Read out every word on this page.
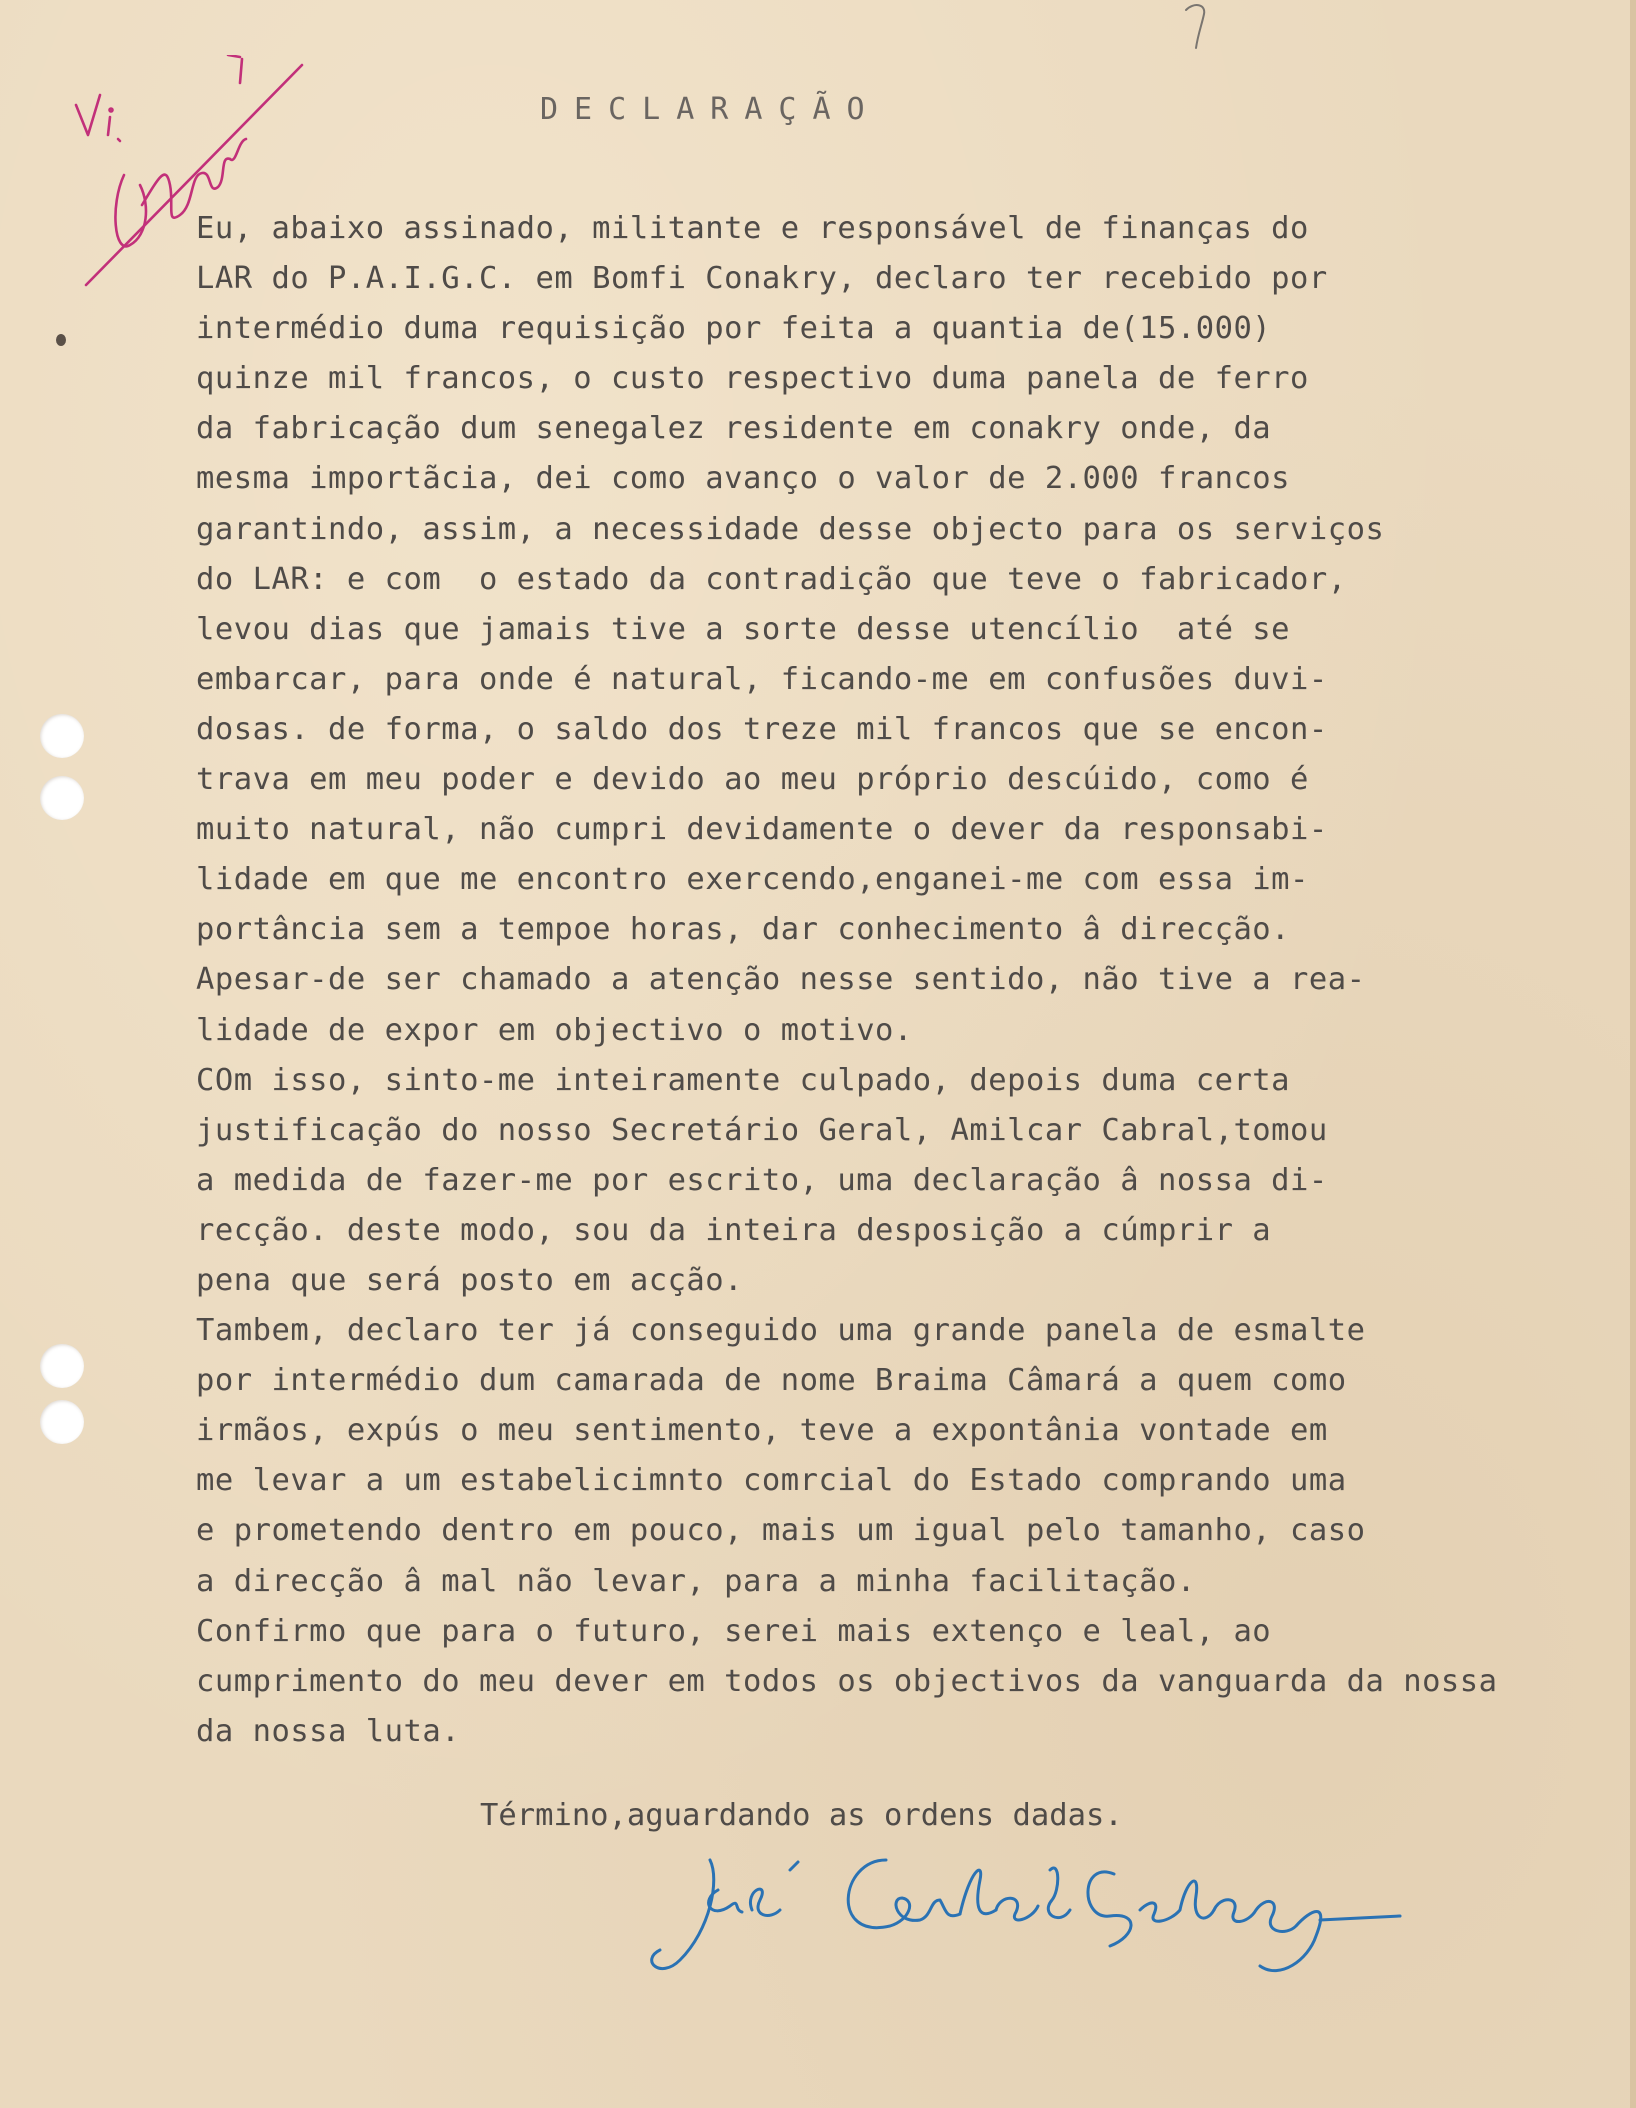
DECLARAÇÃO
Eu, abaixo assinado, militante e responsável de finanças do
LAR do P.A.I.G.C. em Bomfi Conakry, declaro ter recebido por
intermédio duma requisição por feita a quantia de(15.000)
quinze mil francos, o custo respectivo duma panela de ferro
da fabricação dum senegalez residente em conakry onde, da
mesma importãcia, dei como avanço o valor de 2.000 francos
garantindo, assim, a necessidade desse objecto para os serviços
do LAR: e com  o estado da contradição que teve o fabricador,
levou dias que jamais tive a sorte desse utencílio  até se
embarcar, para onde é natural, ficando-me em confusões duvi-
dosas. de forma, o saldo dos treze mil francos que se encon-
trava em meu poder e devido ao meu próprio descúido, como é
muito natural, não cumpri devidamente o dever da responsabi-
lidade em que me encontro exercendo,enganei-me com essa im-
portância sem a tempoe horas, dar conhecimento â direcção.
Apesar-de ser chamado a atenção nesse sentido, não tive a rea-
lidade de expor em objectivo o motivo.
COm isso, sinto-me inteiramente culpado, depois duma certa
justificação do nosso Secretário Geral, Amilcar Cabral,tomou
a medida de fazer-me por escrito, uma declaração â nossa di-
recção. deste modo, sou da inteira desposição a cúmprir a
pena que será posto em acção.
Tambem, declaro ter já conseguido uma grande panela de esmalte
por intermédio dum camarada de nome Braima Câmará a quem como
irmãos, expús o meu sentimento, teve a expontânia vontade em
me levar a um estabelicimnto comrcial do Estado comprando uma
e prometendo dentro em pouco, mais um igual pelo tamanho, caso
a direcção â mal não levar, para a minha facilitação.
Confirmo que para o futuro, serei mais extenço e leal, ao
cumprimento do meu dever em todos os objectivos da vanguarda da nossa
da nossa luta.
Término,aguardando as ordens dadas.
